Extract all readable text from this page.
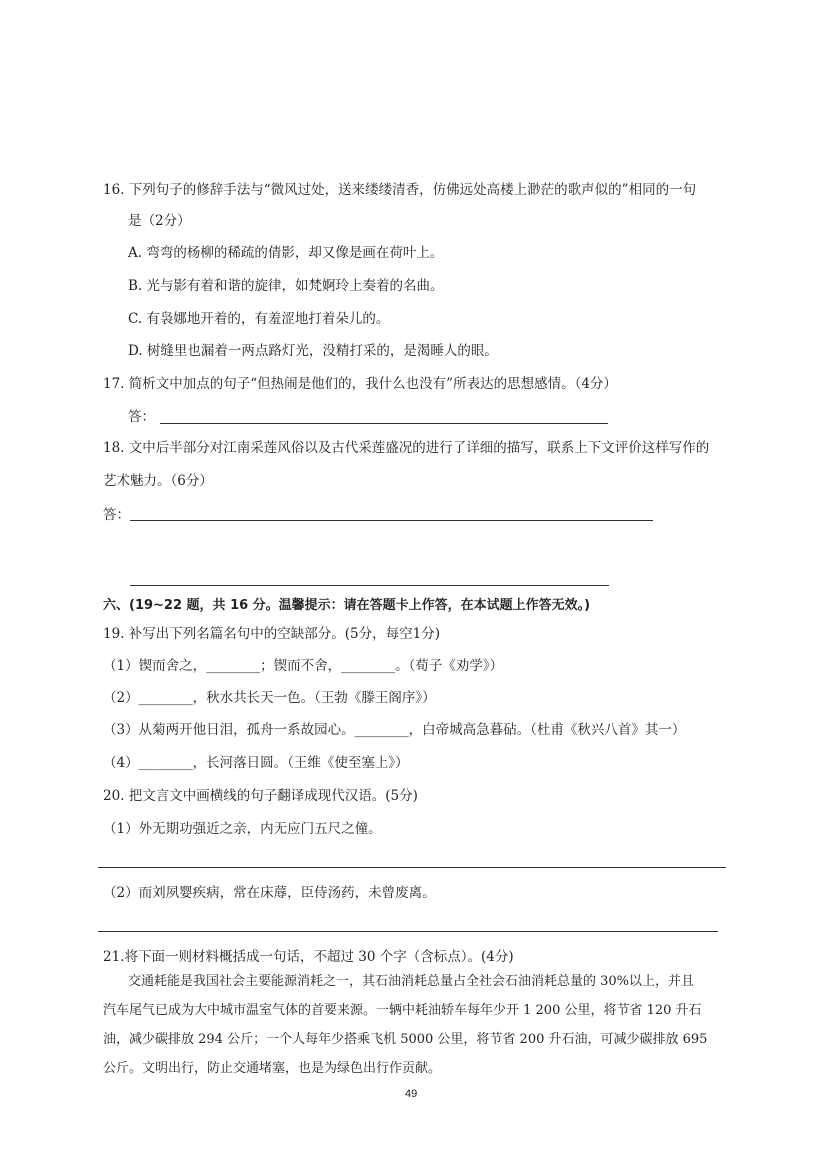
16. 下列句子的修辞手法与“微风过处，送来缕缕清香，仿佛远处高楼上渺茫的歌声似的”相同的一句
是（2分）
A. 弯弯的杨柳的稀疏的倩影，却又像是画在荷叶上。
B. 光与影有着和谐的旋律，如梵婀玲上奏着的名曲。
C. 有袅娜地开着的，有羞涩地打着朵儿的。
D. 树缝里也漏着一两点路灯光，没精打采的，是渴睡人的眼。
17. 简析文中加点的句子“但热闹是他们的，我什么也没有”所表达的思想感情。（4分）
答：
18. 文中后半部分对江南采莲风俗以及古代采莲盛况的进行了详细的描写，联系上下文评价这样写作的
艺术魅力。（6分）
答：
六、(19~22 题，共 16 分。温馨提示：请在答题卡上作答，在本试题上作答无效。)
19. 补写出下列名篇名句中的空缺部分。(5分，每空1分)
（1）锲而舍之，________；锲而不舍，________。（荀子《劝学》）
（2）________，秋水共长天一色。（王勃《滕王阁序》）
（3）从菊两开他日泪，孤舟一系故园心。________，白帝城高急暮砧。（杜甫《秋兴八首》其一）
（4）________，长河落日圆。（王维《使至塞上》）
20. 把文言文中画横线的句子翻译成现代汉语。(5分)
（1）外无期功强近之亲，内无应门五尺之僮。
（2）而刘夙婴疾病，常在床蓐，臣侍汤药，未曾废离。
21.将下面一则材料概括成一句话，不超过 30 个字（含标点）。(4分)
交通耗能是我国社会主要能源消耗之一，其石油消耗总量占全社会石油消耗总量的 30%以上，并且
汽车尾气已成为大中城市温室气体的首要来源。一辆中耗油轿车每年少开 1 200 公里，将节省 120 升石
油，减少碳排放 294 公斤；一个人每年少搭乘飞机 5000 公里，将节省 200 升石油，可减少碳排放 695
公斤。文明出行，防止交通堵塞，也是为绿色出行作贡献。
49
